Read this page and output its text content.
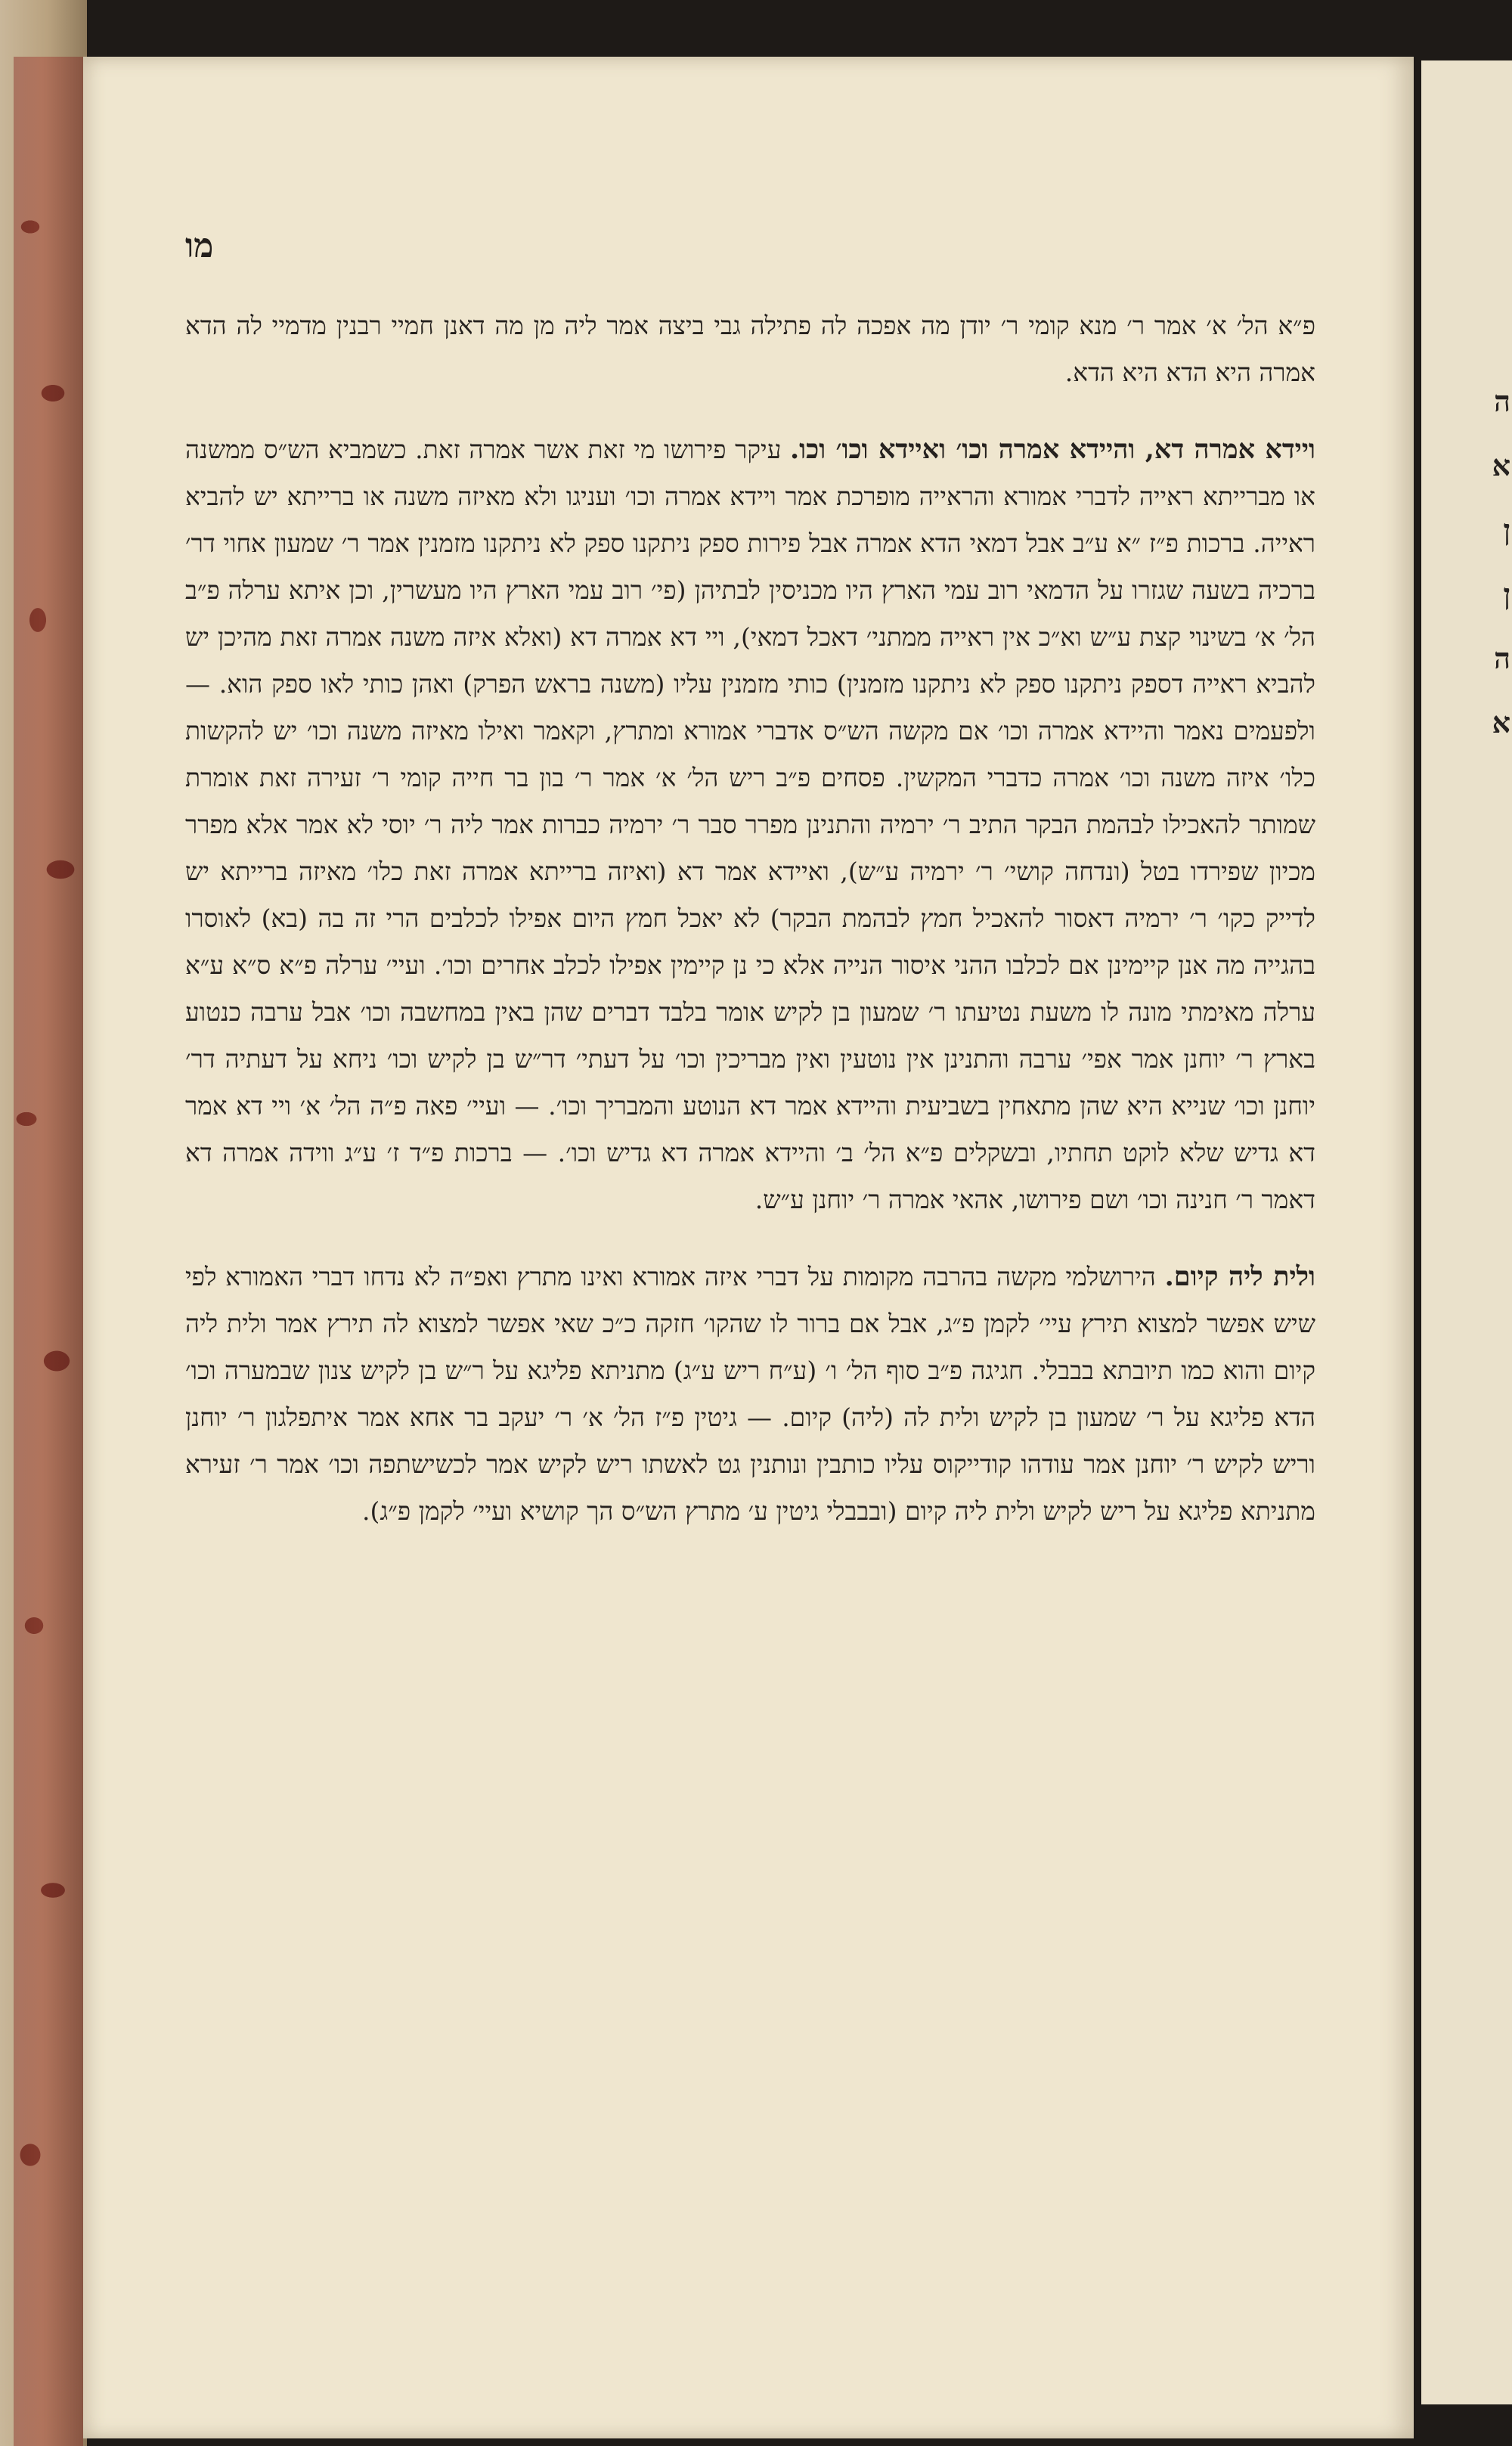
ה
א
ן
ן
ה
א
מו

פ״א הל׳ א׳ אמר ר׳ מנא קומי ר׳ יודן מה אפכה לה פתילה גבי ביצה אמר ליה מן מה דאנן חמיי רבנין מדמיי לה הדא אמרה היא הדא היא הדא.

ויידא אמרה דא, והיידא אמרה וכו׳ ואיידא וכו׳ וכו. עיקר פירושו מי זאת אשר אמרה זאת. כשמביא הש״ס ממשנה או מברייתא ראייה לדברי אמורא והראייה מופרכת אמר ויידא אמרה וכו׳ ועניגו ולא מאיזה משנה או ברייתא יש להביא ראייה. ברכות פ״ז ״א ע״ב אבל דמאי הדא אמרה אבל פירות ספק ניתקנו ספק לא ניתקנו מזמנין אמר ר׳ שמעון אחוי דר׳ ברכיה בשעה שגזרו על הדמאי רוב עמי הארץ היו מכניסין לבתיהן (פי׳ רוב עמי הארץ היו מעשרין, וכן איתא ערלה פ״ב הל׳ א׳ בשינוי קצת ע״ש וא״כ אין ראייה ממתני׳ דאכל דמאי), ויי דא אמרה דא (ואלא איזה משנה אמרה זאת מהיכן יש להביא ראייה דספק ניתקנו ספק לא ניתקנו מזמנין) כותי מזמנין עליו (משנה בראש הפרק) ואהן כותי לאו ספק הוא. — ולפעמים נאמר והיידא אמרה וכו׳ אם מקשה הש״ס אדברי אמורא ומתרץ, וקאמר ואילו מאיזה משנה וכו׳ יש להקשות כלו׳ איזה משנה וכו׳ אמרה כדברי המקשין. פסחים פ״ב ריש הל׳ א׳ אמר ר׳ בון בר חייה קומי ר׳ זעירה זאת אומרת שמותר להאכילו לבהמת הבקר התיב ר׳ ירמיה והתנינן מפרר סבר ר׳ ירמיה כברות אמר ליה ר׳ יוסי לא אמר אלא מפרר מכיון שפירדו בטל (ונדחה קושי׳ ר׳ ירמיה ע״ש), ואיידא אמר דא (ואיזה ברייתא אמרה זאת כלו׳ מאיזה ברייתא יש לדייק כקו׳ ר׳ ירמיה דאסור להאכיל חמץ לבהמת הבקר) לא יאכל חמץ היום אפילו לכלבים הרי זה בה (בא) לאוסרו בהגייה מה אנן קיימינן אם לכלבו ההני איסור הנייה אלא כי נן קיימין אפילו לכלב אחרים וכו׳. ועיי׳ ערלה פ״א ס״א ע״א ערלה מאימתי מונה לו משעת נטיעתו ר׳ שמעון בן לקיש אומר בלבד דברים שהן באין במחשבה וכו׳ אבל ערבה כנטוע בארץ ר׳ יוחנן אמר אפי׳ ערבה והתנינן אין נוטעין ואין מבריכין וכו׳ על דעתי׳ דר״ש בן לקיש וכו׳ ניחא על דעתיה דר׳ יוחנן וכו׳ שנייא היא שהן מתאחין בשביעית והיידא אמר דא הנוטע והמבריך וכו׳. — ועיי׳ פאה פ״ה הל׳ א׳ ויי דא אמר דא גדיש שלא לוקט תחתיו, ובשקלים פ״א הל׳ ב׳ והיידא אמרה דא גדיש וכו׳. — ברכות פ״ד ז׳ ע״ג ווידה אמרה דא דאמר ר׳ חנינה וכו׳ ושם פירושו, אהאי אמרה ר׳ יוחנן ע״ש.

ולית ליה קיום. הירושלמי מקשה בהרבה מקומות על דברי איזה אמורא ואינו מתרץ ואפ״ה לא נדחו דברי האמורא לפי שיש אפשר למצוא תירץ עיי׳ לקמן פ״ג, אבל אם ברור לו שהקו׳ חזקה כ״כ שאי אפשר למצוא לה תירץ אמר ולית ליה קיום והוא כמו תיובתא בבבלי. חגיגה פ״ב סוף הל׳ ו׳ (ע״ח ריש ע״ג) מתניתא פליגא על ר״ש בן לקיש צנון שבמערה וכו׳ הדא פליגא על ר׳ שמעון בן לקיש ולית לה (ליה) קיום. — גיטין פ״ז הל׳ א׳ ר׳ יעקב בר אחא אמר איתפלגון ר׳ יוחנן וריש לקיש ר׳ יוחנן אמר עודהו קודייקוס עליו כותבין ונותנין גט לאשתו ריש לקיש אמר לכשישתפה וכו׳ אמר ר׳ זעירא מתניתא פליגא על ריש לקיש ולית ליה קיום (ובבבלי גיטין ע׳ מתרץ הש״ס הך קושיא ועיי׳ לקמן פ״ג).
